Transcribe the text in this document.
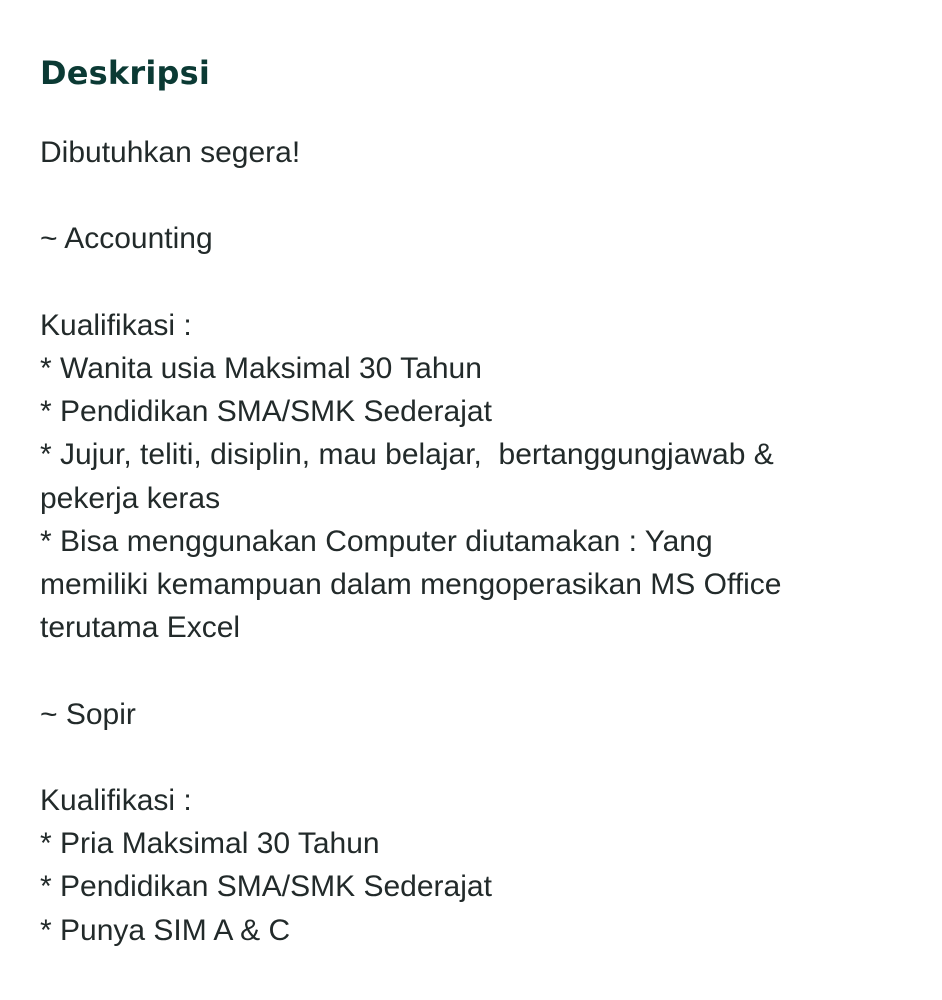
Deskripsi
Dibutuhkan segera!
~ Accounting
Kualifikasi :
* Wanita usia Maksimal 30 Tahun
* Pendidikan SMA/SMK Sederajat
* Jujur, teliti, disiplin, mau belajar,  bertanggungjawab &
pekerja keras
* Bisa menggunakan Computer diutamakan : Yang
memiliki kemampuan dalam mengoperasikan MS Office
terutama Excel
~ Sopir
Kualifikasi :
* Pria Maksimal 30 Tahun
* Pendidikan SMA/SMK Sederajat
* Punya SIM A & C
